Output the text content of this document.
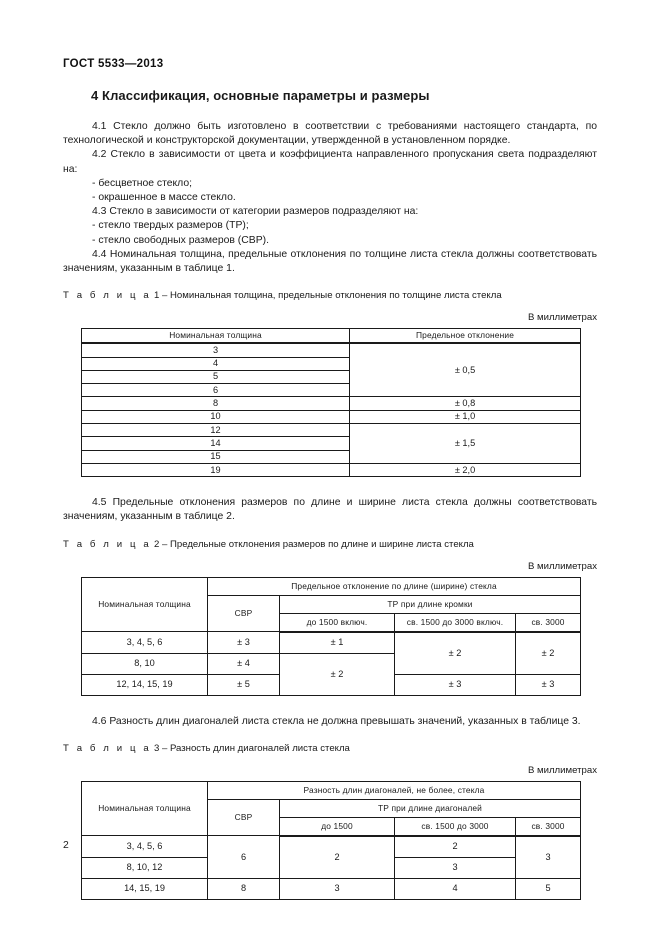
ГОСТ 5533—2013
4 Классификация, основные параметры и размеры

4.1 Стекло должно быть изготовлено в соответствии с требованиями настоящего стандарта, по технологической и конструкторской документации, утвержденной в установленном порядке.

4.2 Стекло в зависимости от цвета и коэффициента направленного пропускания света подразделяют на:

- бесцветное стекло;

- окрашенное в массе стекло.

4.3 Стекло в зависимости от категории размеров подразделяют на:

- стекло твердых размеров (ТР);

- стекло свободных размеров (СВР).

4.4 Номинальная толщина, предельные отклонения по толщине листа стекла должны соответствовать значениям, указанным в таблице 1.

Т а б л и ц а 1 – Номинальная толщина, предельные отклонения по толщине листа стекла

В миллиметрах

Номинальная толщина	Предельное отклонение
3	± 0,5
4	
5	
6	
8	± 0,8
10	± 1,0
12	± 1,5
14	
15	
19	± 2,0

4.5 Предельные отклонения размеров по длине и ширине листа стекла должны соответствовать значениям, указанным в таблице 2.

Т а б л и ц а 2 – Предельные отклонения размеров по длине и ширине листа стекла

В миллиметрах

Номинальная толщина	Предельное отклонение по длине (ширине) стекла			
	СВР	ТР при длине кромки		
		до 1500 включ.	св. 1500 до 3000 включ.	св. 3000
3, 4, 5, 6	± 3	± 1	± 2	± 2
8, 10	± 4	± 2		
12, 14, 15, 19	± 5		± 3	± 3

4.6 Разность длин диагоналей листа стекла не должна превышать значений, указанных в таблице 3.

Т а б л и ц а 3 – Разность длин диагоналей листа стекла

В миллиметрах

Номинальная толщина	Разность длин диагоналей, не более, стекла			
	СВР	ТР при длине диагоналей		
		до 1500	св. 1500 до 3000	св. 3000
3, 4, 5, 6	6	2	2	3
8, 10, 12			3	
14, 15, 19	8	3	4	5
2
